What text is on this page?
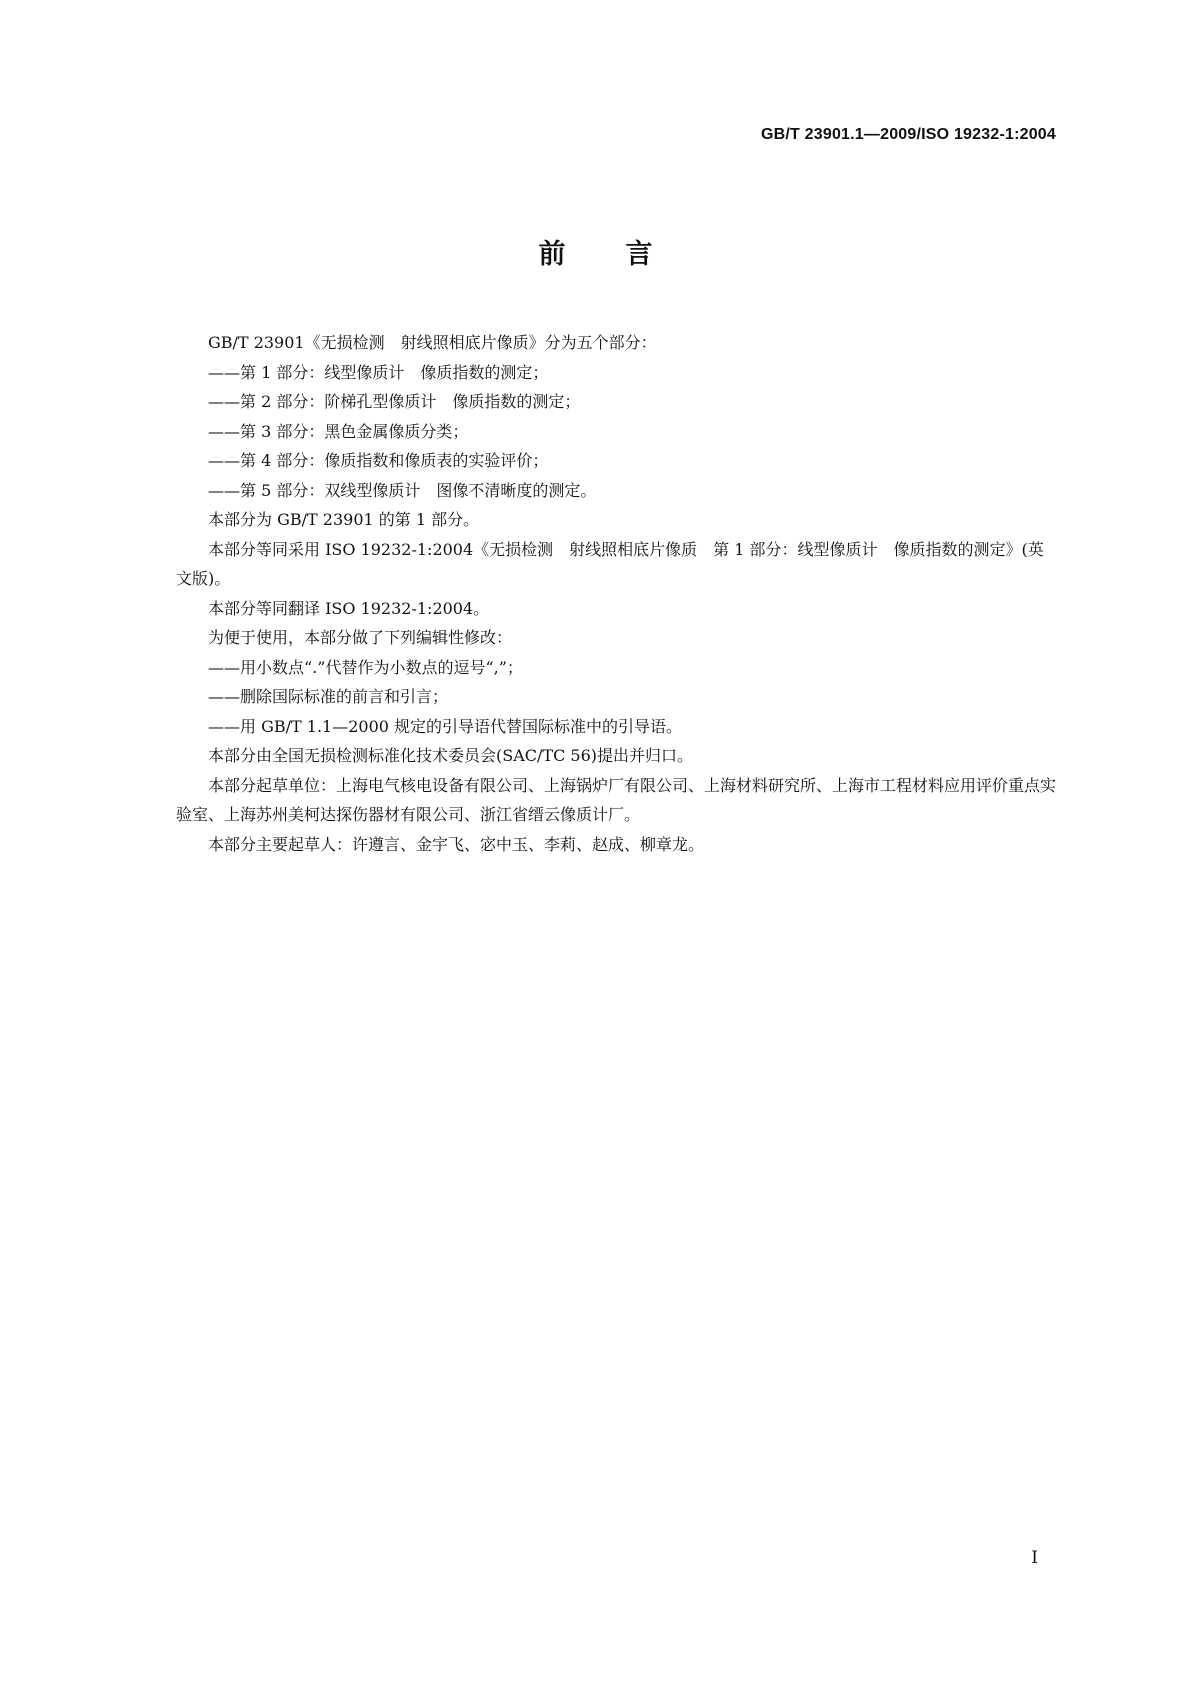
GB/T 23901.1—2009/ISO 19232-1:2004
前言

GB/T 23901《无损检测　射线照相底片像质》分为五个部分：

——第 1 部分：线型像质计　像质指数的测定；

——第 2 部分：阶梯孔型像质计　像质指数的测定；

——第 3 部分：黑色金属像质分类；

——第 4 部分：像质指数和像质表的实验评价；

——第 5 部分：双线型像质计　图像不清晰度的测定。

本部分为 GB/T 23901 的第 1 部分。

本部分等同采用 ISO 19232-1:2004《无损检测　射线照相底片像质　第 1 部分：线型像质计　像质指数的测定》(英文版)。

本部分等同翻译 ISO 19232-1:2004。

为便于使用，本部分做了下列编辑性修改：

——用小数点“.”代替作为小数点的逗号“,”；

——删除国际标准的前言和引言；

——用 GB/T 1.1—2000 规定的引导语代替国际标准中的引导语。

本部分由全国无损检测标准化技术委员会(SAC/TC 56)提出并归口。

本部分起草单位：上海电气核电设备有限公司、上海锅炉厂有限公司、上海材料研究所、上海市工程材料应用评价重点实验室、上海苏州美柯达探伤器材有限公司、浙江省缙云像质计厂。

本部分主要起草人：许遵言、金宇飞、宓中玉、李莉、赵成、柳章龙。

I
